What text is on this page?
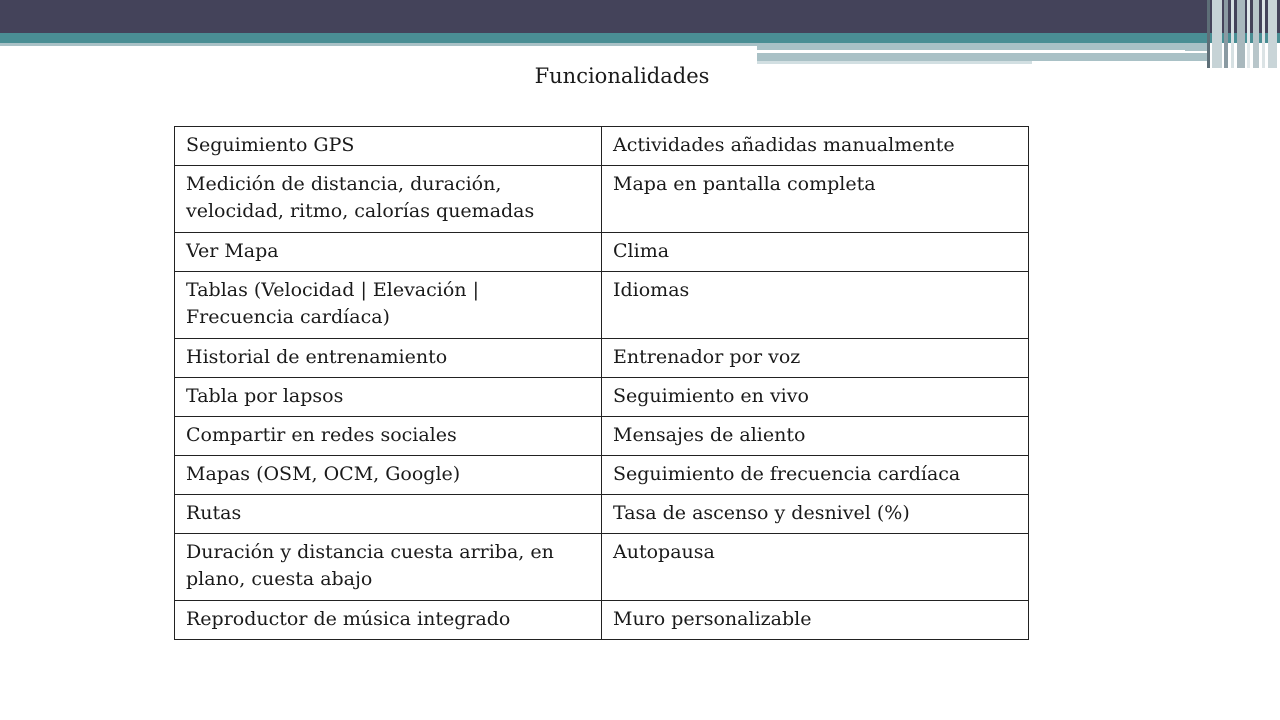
Funcionalidades
Seguimiento GPS	Actividades añadidas manualmente
Medición de distancia, duración, velocidad, ritmo, calorías quemadas	Mapa en pantalla completa
Ver Mapa	Clima
Tablas (Velocidad | Elevación | Frecuencia cardíaca)	Idiomas
Historial de entrenamiento	Entrenador por voz
Tabla por lapsos	Seguimiento en vivo
Compartir en redes sociales	Mensajes de aliento
Mapas (OSM, OCM, Google)	Seguimiento de frecuencia cardíaca
Rutas	Tasa de ascenso y desnivel (%)
Duración y distancia cuesta arriba, en plano, cuesta abajo	Autopausa
Reproductor de música integrado	Muro personalizable
